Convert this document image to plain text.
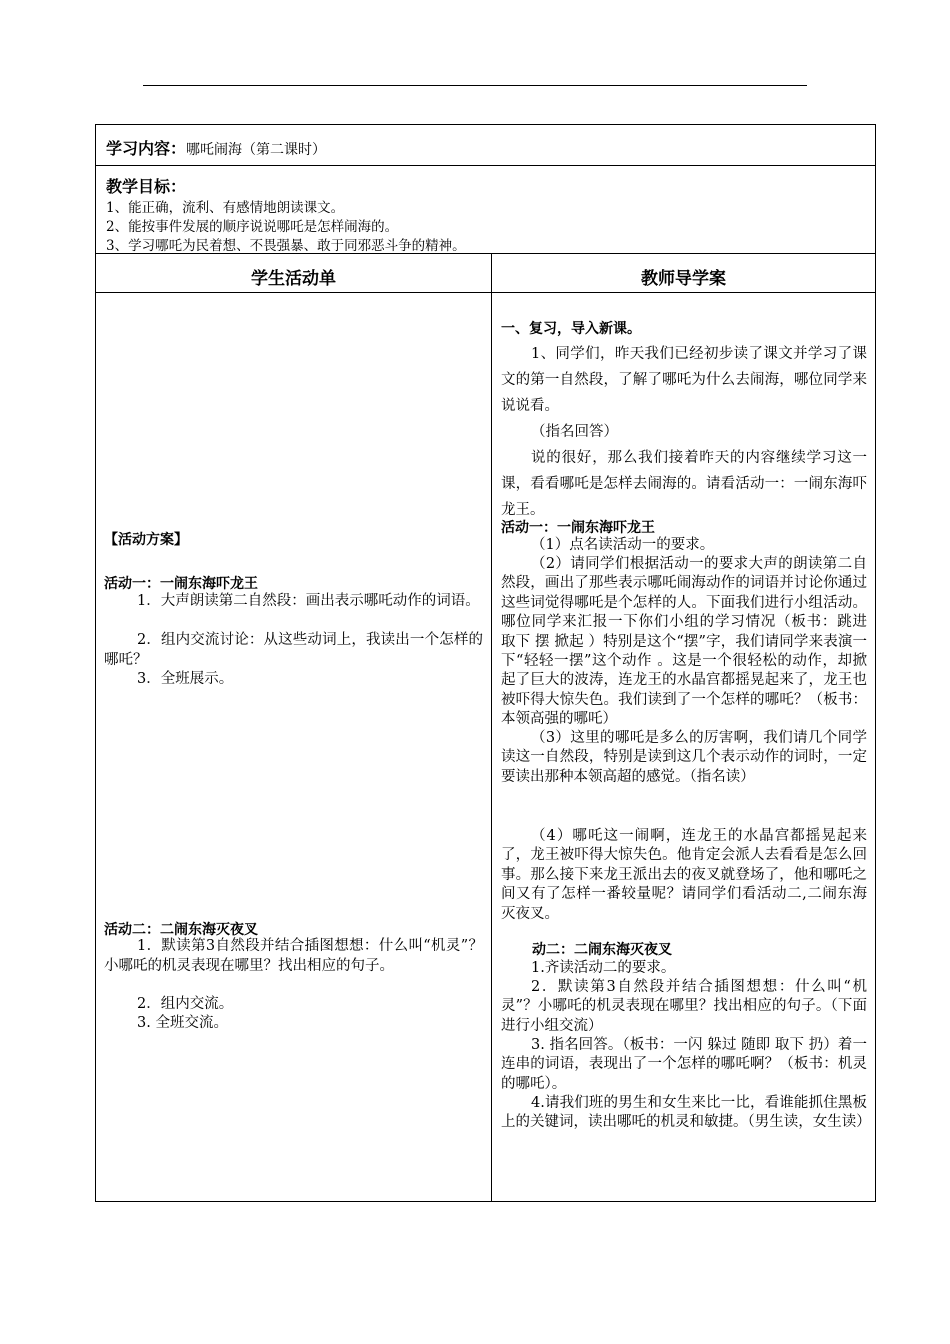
学习内容：哪吒闹海（第二课时）
教学目标：
1、能正确，流利、有感情地朗读课文。
2、能按事件发展的顺序说说哪吒是怎样闹海的。
3、学习哪吒为民着想、不畏强暴、敢于同邪恶斗争的精神。
学生活动单	教师导学案
【活动方案】
活动一：一闹东海吓龙王
1．大声朗读第二自然段：画出表示哪吒动作的词语。
2．组内交流讨论：从这些动词上，我读出一个怎样的哪吒？
3．全班展示。
活动二：二闹东海灭夜叉
1．默读第3自然段并结合插图想想：什么叫“机灵”？小哪吒的机灵表现在哪里？找出相应的句子。
2．组内交流。
3. 全班交流。
一、复习，导入新课。
1、同学们，昨天我们已经初步读了课文并学习了课文的第一自然段，了解了哪吒为什么去闹海，哪位同学来说说看。
（指名回答）
说的很好，那么我们接着昨天的内容继续学习这一课，看看哪吒是怎样去闹海的。请看活动一：一闹东海吓龙王。
活动一：一闹东海吓龙王
（1）点名读活动一的要求。
（2）请同学们根据活动一的要求大声的朗读第二自然段，画出了那些表示哪吒闹海动作的词语并讨论你通过这些词觉得哪吒是个怎样的人。下面我们进行小组活动。哪位同学来汇报一下你们小组的学习情况（板书：跳进 取下 摆 掀起 ）特别是这个“摆”字，我们请同学来表演一下“轻轻一摆”这个动作 。这是一个很轻松的动作，却掀起了巨大的波涛，连龙王的水晶宫都摇晃起来了，龙王也被吓得大惊失色。我们读到了一个怎样的哪吒？（板书：本领高强的哪吒）
（3）这里的哪吒是多么的厉害啊，我们请几个同学读这一自然段，特别是读到这几个表示动作的词时，一定要读出那种本领高超的感觉。（指名读）
（4）哪吒这一闹啊，连龙王的水晶宫都摇晃起来了，龙王被吓得大惊失色。他肯定会派人去看看是怎么回事。那么接下来龙王派出去的夜叉就登场了，他和哪吒之间又有了怎样一番较量呢？请同学们看活动二,二闹东海灭夜叉。
动二：二闹东海灭夜叉
1.齐读活动二的要求。
2．默读第3自然段并结合插图想想：什么叫“机灵”？小哪吒的机灵表现在哪里？找出相应的句子。（下面进行小组交流）
3. 指名回答。（板书：一闪 躲过 随即 取下 扔）着一连串的词语，表现出了一个怎样的哪吒啊？（板书：机灵的哪吒）。
4.请我们班的男生和女生来比一比，看谁能抓住黑板上的关键词，读出哪吒的机灵和敏捷。（男生读，女生读）
